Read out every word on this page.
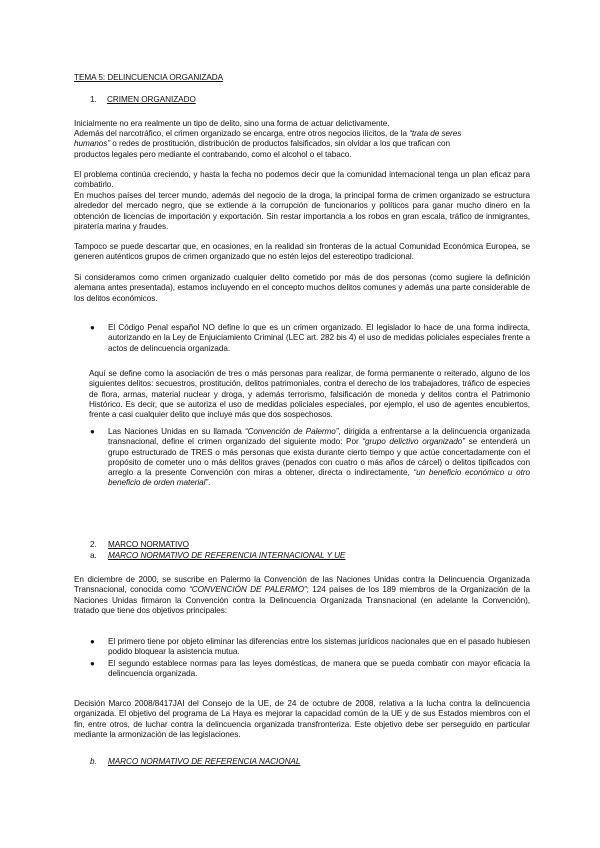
TEMA 5: DELINCUENCIA ORGANIZADA
1. CRIMEN ORGANIZADO
Inicialmente no era realmente un tipo de delito, sino una forma de actuar delictivamente.
Además del narcotráfico, el crimen organizado se encarga, entre otros negocios ilícitos, de la “trata de seres
humanos” o redes de prostitución, distribución de productos falsificados, sin olvidar a los que trafican con
productos legales pero mediante el contrabando, como el alcohol o el tabaco.
El problema continúa creciendo, y hasta la fecha no podemos decir que la comunidad internacional tenga un plan eficaz para combatirlo.
En muchos países del tercer mundo, además del negocio de la droga, la principal forma de crimen organizado se estructura alrededor del mercado negro, que se extiende a la corrupción de funcionarios y políticos para ganar mucho dinero en la obtención de licencias de importación y exportación. Sin restar importancia a los robos en gran escala, tráfico de inmigrantes, piratería marina y fraudes.
Tampoco se puede descartar que, en ocasiones, en la realidad sin fronteras de la actual Comunidad Económica Europea, se generen auténticos grupos de crimen organizado que no estén lejos del estereotipo tradicional.
Si consideramos como crimen organizado cualquier delito cometido por más de dos personas (como sugiere la definición alemana antes presentada), estamos incluyendo en el concepto muchos delitos comunes y además una parte considerable de los delitos económicos.
● El Código Penal español NO define lo que es un crimen organizado. El legislador lo hace de una forma indirecta, autorizando en la Ley de Enjuiciamiento Criminal (LEC art. 282 bis 4) el uso de medidas policiales especiales frente a actos de delincuencia organizada.
Aquí se define como la asociación de tres o más personas para realizar, de forma permanente o reiterado, alguno de los siguientes delitos: secuestros, prostitución, delitos patrimoniales, contra el derecho de los trabajadores, tráfico de especies de flora, armas, material nuclear y droga, y además terrorismo, falsificación de moneda y delitos contra el Patrimonio Histórico. Es decir, que se autoriza el uso de medidas policiales especiales, por ejemplo, el uso de agentes encubiertos, frente a casi cualquier delito que incluye más que dos sospechosos.
● Las Naciones Unidas en su llamada “Convención de Palermo”, dirigida a enfrentarse a la delincuencia organizada transnacional, define el crimen organizado del siguiente modo: Por “grupo delictivo organizado” se entenderá un grupo estructurado de TRES o más personas que exista durante cierto tiempo y que actúe concertadamente con el propósito de cometer uno o más delitos graves (penados con cuatro o más años de cárcel) o delitos tipificados con arreglo a la presente Convención con miras a obtener, directa o indirectamente, “un beneficio económico u otro beneficio de orden material”.
2. MARCO NORMATIVO
a. MARCO NORMATIVO DE REFERENCIA INTERNACIONAL Y UE
En diciembre de 2000, se suscribe en Palermo la Convención de las Naciones Unidas contra la Delincuencia Organizada Transnacional, conocida como “CONVENCIÓN DE PALERMO”; 124 países de los 189 miembros de la Organización de la Naciones Unidas firmaron la Convención contra la Delincuencia Organizada Transnacional (en adelante la Convención), tratado que tiene dos objetivos principales:
● El primero tiene por objeto eliminar las diferencias entre los sistemas jurídicos nacionales que en el pasado hubiesen podido bloquear la asistencia mutua.
● El segundo establece normas para las leyes domésticas, de manera que se pueda combatir con mayor eficacia la delincuencia organizada.
Decisión Marco 2008/8417JAI del Consejo de la UE, de 24 de octubre de 2008, relativa a la lucha contra la delincuencia organizada. El objetivo del programa de La Haya es mejorar la capacidad común de la UE y de sus Estados miembros con el fin, entre otros, de luchar contra la delincuencia organizada transfronteriza. Este objetivo debe ser perseguido en particular mediante la armonización de las legislaciones.
b. MARCO NORMATIVO DE REFERENCIA NACIONAL
